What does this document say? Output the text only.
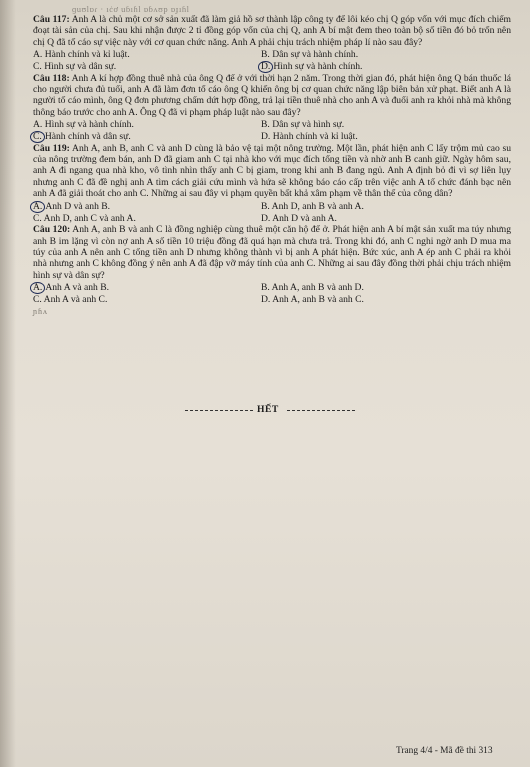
ɡuʊlɒɾ · ıċơ uɓıɦl ɒɓʌʊp ɒɟıɦl

Câu 117: Anh A là chủ một cơ sở sản xuất đã làm giả hồ sơ thành lập công ty để lôi kéo chị Q góp vốn với mục đích chiếm đoạt tài sản của chị. Sau khi nhận được 2 tỉ đồng góp vốn của chị Q, anh A bí mật đem theo toàn bộ số tiền đó bỏ trốn nên chị Q đã tố cáo sự việc này với cơ quan chức năng. Anh A phải chịu trách nhiệm pháp lí nào sau đây?

A. Hành chính và kỉ luật.	B. Dân sự và hành chính.
C. Hình sự và dân sự.	D. Hình sự và hành chính.

Câu 118: Anh A kí hợp đồng thuê nhà của ông Q để ở với thời hạn 2 năm. Trong thời gian đó, phát hiện ông Q bán thuốc lá cho người chưa đủ tuổi, anh A đã làm đơn tố cáo ông Q khiến ông bị cơ quan chức năng lập biên bản xử phạt. Biết anh A là người tố cáo mình, ông Q đơn phương chấm dứt hợp đồng, trả lại tiền thuê nhà cho anh A và đuổi anh ra khỏi nhà mà không thông báo trước cho anh A. Ông Q đã vi phạm pháp luật nào sau đây?

A. Hình sự và hành chính.	B. Dân sự và hình sự.
C. Hành chính và dân sự.	D. Hành chính và kỉ luật.

Câu 119: Anh A, anh B, anh C và anh D cùng là bảo vệ tại một nông trường. Một lần, phát hiện anh C lấy trộm mủ cao su của nông trường đem bán, anh D đã giam anh C tại nhà kho với mục đích tống tiền và nhờ anh B canh giữ. Ngày hôm sau, anh A đi ngang qua nhà kho, vô tình nhìn thấy anh C bị giam, trong khi anh B đang ngủ. Anh A định bỏ đi vì sợ liên lụy nhưng anh C đã đề nghị anh A tìm cách giải cứu mình và hứa sẽ không báo cáo cấp trên việc anh A tổ chức đánh bạc nên anh A đã giải thoát cho anh C. Những ai sau đây vi phạm quyền bất khả xâm phạm về thân thể của công dân?

A. Anh D và anh B.	B. Anh D, anh B và anh A.
C. Anh D, anh C và anh A.	D. Anh D và anh A.

Câu 120: Anh A, anh B và anh C là đồng nghiệp cùng thuê một căn hộ để ở. Phát hiện anh A bí mật sản xuất ma túy nhưng anh B im lặng vì còn nợ anh A số tiền 10 triệu đồng đã quá hạn mà chưa trả. Trong khi đó, anh C nghi ngờ anh D mua ma túy của anh A nên anh C tống tiền anh D nhưng không thành vì bị anh A phát hiện. Bức xúc, anh A ép anh C phải ra khỏi nhà nhưng anh C không đồng ý nên anh A đã đập vỡ máy tính của anh C. Những ai sau đây đồng thời phải chịu trách nhiệm hình sự và dân sự?

A. Anh A và anh B.	B. Anh A, anh B và anh D.
C. Anh A và anh C.	D. Anh A, anh B và anh C.
ɲɦʌ
HẾT
Trang 4/4 - Mã đề thi 313
